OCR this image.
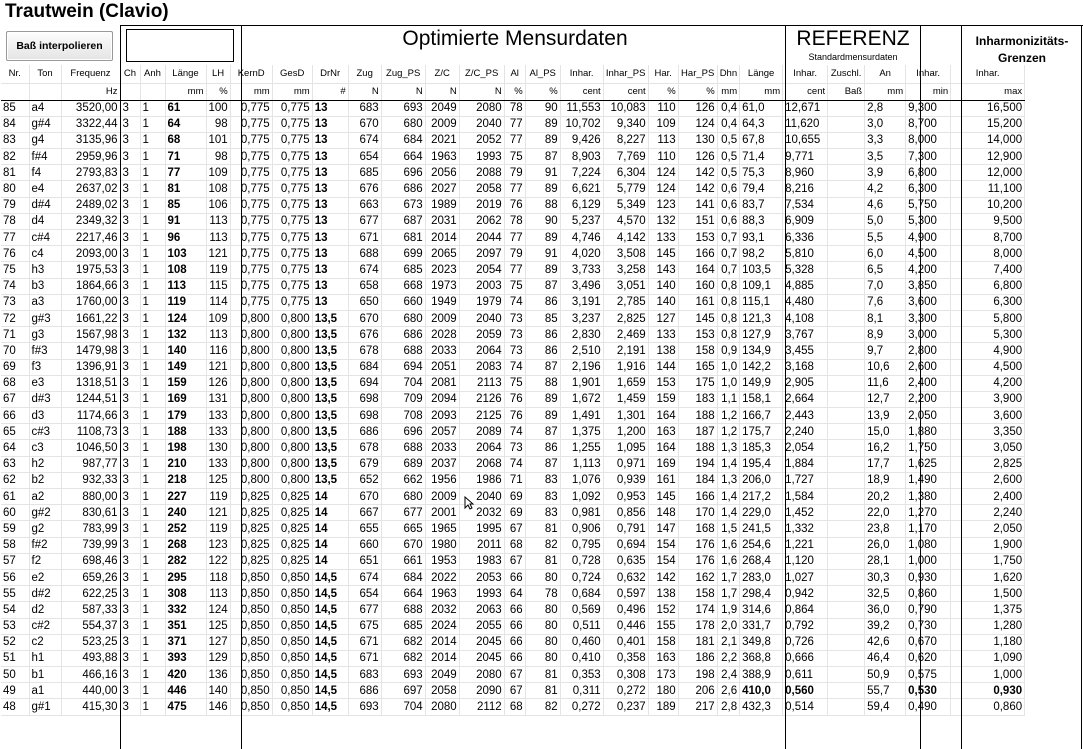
Trautwein (Clavio)
Baß interpolieren	Optimierte Mensurdaten	REFERENZ
Standardmensurdaten
Inharmonizitäts-
Grenzen
Nr.	Ton	Frequenz	Ch	Anh	Länge	LH	KernD	GesD	DrNr	Zug	Zug_PS	Z/C	Z/C_PS	Al	Al_PS	Inhar.	Inhar_PS	Har.	Har_PS	Dhn	Länge	Inhar.	Zuschl.	An	Inhar.	Inhar.
		Hz			mm	%	mm	mm	#	N	N	N	N	%	%	cent	cent	%	%	mm	mm	cent	Baß	mm	min	max
85	a4	3520,00	3	1	61	100	0,775	0,775	13	683	693	2049	2080	78	90	11,553	10,083	110	126	0,4	61,0	12,671		2,8	9,300	16,500
84	g#4	3322,44	3	1	64	98	0,775	0,775	13	670	680	2009	2040	77	89	10,702	9,340	109	124	0,4	64,3	11,620		3,0	8,700	15,200
83	g4	3135,96	3	1	68	101	0,775	0,775	13	674	684	2021	2052	77	89	9,426	8,227	113	130	0,5	67,8	10,655		3,3	8,000	14,000
82	f#4	2959,96	3	1	71	98	0,775	0,775	13	654	664	1963	1993	75	87	8,903	7,769	110	126	0,5	71,4	9,771		3,5	7,300	12,900
81	f4	2793,83	3	1	77	109	0,775	0,775	13	685	696	2056	2088	79	91	7,224	6,304	124	142	0,5	75,3	8,960		3,9	6,800	12,000
80	e4	2637,02	3	1	81	108	0,775	0,775	13	676	686	2027	2058	77	89	6,621	5,779	124	142	0,6	79,4	8,216		4,2	6,300	11,100
79	d#4	2489,02	3	1	85	106	0,775	0,775	13	663	673	1989	2019	76	88	6,129	5,349	123	141	0,6	83,7	7,534		4,6	5,750	10,200
78	d4	2349,32	3	1	91	113	0,775	0,775	13	677	687	2031	2062	78	90	5,237	4,570	132	151	0,6	88,3	6,909		5,0	5,300	9,500
77	c#4	2217,46	3	1	96	113	0,775	0,775	13	671	681	2014	2044	77	89	4,746	4,142	133	153	0,7	93,1	6,336		5,5	4,900	8,700
76	c4	2093,00	3	1	103	121	0,775	0,775	13	688	699	2065	2097	79	91	4,020	3,508	145	166	0,7	98,2	5,810		6,0	4,500	8,000
75	h3	1975,53	3	1	108	119	0,775	0,775	13	674	685	2023	2054	77	89	3,733	3,258	143	164	0,7	103,5	5,328		6,5	4,200	7,400
74	b3	1864,66	3	1	113	115	0,775	0,775	13	658	668	1973	2003	75	87	3,496	3,051	140	160	0,8	109,1	4,885		7,0	3,850	6,800
73	a3	1760,00	3	1	119	114	0,775	0,775	13	650	660	1949	1979	74	86	3,191	2,785	140	161	0,8	115,1	4,480		7,6	3,600	6,300
72	g#3	1661,22	3	1	124	109	0,800	0,800	13,5	670	680	2009	2040	73	85	3,237	2,825	127	145	0,8	121,3	4,108		8,1	3,300	5,800
71	g3	1567,98	3	1	132	113	0,800	0,800	13,5	676	686	2028	2059	73	86	2,830	2,469	133	153	0,8	127,9	3,767		8,9	3,000	5,300
70	f#3	1479,98	3	1	140	116	0,800	0,800	13,5	678	688	2033	2064	73	86	2,510	2,191	138	158	0,9	134,9	3,455		9,7	2,800	4,900
69	f3	1396,91	3	1	149	121	0,800	0,800	13,5	684	694	2051	2083	74	87	2,196	1,916	144	165	1,0	142,2	3,168		10,6	2,600	4,500
68	e3	1318,51	3	1	159	126	0,800	0,800	13,5	694	704	2081	2113	75	88	1,901	1,659	153	175	1,0	149,9	2,905		11,6	2,400	4,200
67	d#3	1244,51	3	1	169	131	0,800	0,800	13,5	698	709	2094	2126	76	89	1,672	1,459	159	183	1,1	158,1	2,664		12,7	2,200	3,900
66	d3	1174,66	3	1	179	133	0,800	0,800	13,5	698	708	2093	2125	76	89	1,491	1,301	164	188	1,2	166,7	2,443		13,9	2,050	3,600
65	c#3	1108,73	3	1	188	133	0,800	0,800	13,5	686	696	2057	2089	74	87	1,375	1,200	163	187	1,2	175,7	2,240		15,0	1,880	3,350
64	c3	1046,50	3	1	198	130	0,800	0,800	13,5	678	688	2033	2064	73	86	1,255	1,095	164	188	1,3	185,3	2,054		16,2	1,750	3,050
63	h2	987,77	3	1	210	133	0,800	0,800	13,5	679	689	2037	2068	74	87	1,113	0,971	169	194	1,4	195,4	1,884		17,7	1,625	2,825
62	b2	932,33	3	1	218	125	0,800	0,800	13,5	652	662	1956	1986	71	83	1,076	0,939	161	184	1,3	206,0	1,727		18,9	1,490	2,600
61	a2	880,00	3	1	227	119	0,825	0,825	14	670	680	2009	2040	69	83	1,092	0,953	145	166	1,4	217,2	1,584		20,2	1,380	2,400
60	g#2	830,61	3	1	240	121	0,825	0,825	14	667	677	2001	2032	69	83	0,981	0,856	148	170	1,4	229,0	1,452		22,0	1,270	2,240
59	g2	783,99	3	1	252	119	0,825	0,825	14	655	665	1965	1995	67	81	0,906	0,791	147	168	1,5	241,5	1,332		23,8	1,170	2,050
58	f#2	739,99	3	1	268	123	0,825	0,825	14	660	670	1980	2011	68	82	0,795	0,694	154	176	1,6	254,6	1,221		26,0	1,080	1,900
57	f2	698,46	3	1	282	122	0,825	0,825	14	651	661	1953	1983	67	81	0,728	0,635	154	176	1,6	268,4	1,120		28,1	1,000	1,750
56	e2	659,26	3	1	295	118	0,850	0,850	14,5	674	684	2022	2053	66	80	0,724	0,632	142	162	1,7	283,0	1,027		30,3	0,930	1,620
55	d#2	622,25	3	1	308	113	0,850	0,850	14,5	654	664	1963	1993	64	78	0,684	0,597	138	158	1,7	298,4	0,942		32,5	0,860	1,500
54	d2	587,33	3	1	332	124	0,850	0,850	14,5	677	688	2032	2063	66	80	0,569	0,496	152	174	1,9	314,6	0,864		36,0	0,790	1,375
53	c#2	554,37	3	1	351	125	0,850	0,850	14,5	675	685	2024	2055	66	80	0,511	0,446	155	178	2,0	331,7	0,792		39,2	0,730	1,280
52	c2	523,25	3	1	371	127	0,850	0,850	14,5	671	682	2014	2045	66	80	0,460	0,401	158	181	2,1	349,8	0,726		42,6	0,670	1,180
51	h1	493,88	3	1	393	129	0,850	0,850	14,5	671	682	2014	2045	66	80	0,410	0,358	163	186	2,2	368,8	0,666		46,4	0,620	1,090
50	b1	466,16	3	1	420	136	0,850	0,850	14,5	683	693	2049	2080	67	81	0,353	0,308	173	198	2,4	388,9	0,611		50,9	0,575	1,000
49	a1	440,00	3	1	446	140	0,850	0,850	14,5	686	697	2058	2090	67	81	0,311	0,272	180	206	2,6	410,0	0,560		55,7	0,530	0,930
48	g#1	415,30	3	1	475	146	0,850	0,850	14,5	693	704	2080	2112	68	82	0,272	0,237	189	217	2,8	432,3	0,514		59,4	0,490	0,860
